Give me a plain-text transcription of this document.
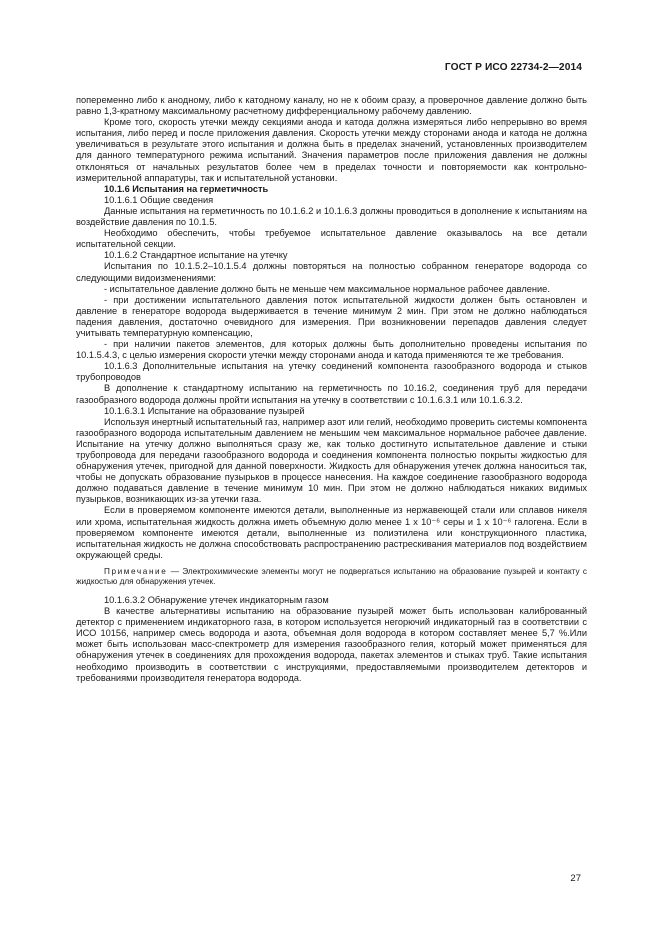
ГОСТ Р ИСО 22734-2—2014

попеременно либо к анодному, либо к катодному каналу, но не к обоим сразу, а проверочное давление должно быть равно 1,3-кратному максимальному расчетному дифференциальному рабочему давлению.

Кроме того, скорость утечки между секциями анода и катода должна измеряться либо непрерывно во время испытания, либо перед и после приложения давления. Скорость утечки между сторонами анода и катода не должна увеличиваться в результате этого испытания и должна быть в пределах значений, установленных производителем для данного температурного режима испытаний. Значения параметров после приложения давления не должны отклоняться от начальных результатов более чем в пределах точности и повторяемости как контрольно-измерительной аппаратуры, так и испытательной установки.

10.1.6 Испытания на герметичность

10.1.6.1 Общие сведения

Данные испытания на герметичность по 10.1.6.2 и 10.1.6.3 должны проводиться в дополнение к испытаниям на воздействие давления по 10.1.5.

Необходимо обеспечить, чтобы требуемое испытательное давление оказывалось на все детали испытательной секции.

10.1.6.2 Стандартное испытание на утечку

Испытания по 10.1.5.2–10.1.5.4 должны повторяться на полностью собранном генераторе водорода со следующими видоизменениями:

- испытательное давление должно быть не меньше чем максимальное нормальное рабочее давление.

- при достижении испытательного давления поток испытательной жидкости должен быть остановлен и давление в генераторе водорода выдерживается в течение минимум 2 мин. При этом не должно наблюдаться падения давления, достаточно очевидного для измерения. При возникновении перепадов давления следует учитывать температурную компенсацию,

- при наличии пакетов элементов, для которых должны быть дополнительно проведены испытания по 10.1.5.4.3, с целью измерения скорости утечки между сторонами анода и катода применяются те же требования.

10.1.6.3 Дополнительные испытания на утечку соединений компонента газообразного водорода и стыков трубопроводов

В дополнение к стандартному испытанию на герметичность по 10.16.2, соединения труб для передачи газообразного водорода должны пройти испытания на утечку в соответствии с 10.1.6.3.1 или 10.1.6.3.2.

10.1.6.3.1 Испытание на образование пузырей

Используя инертный испытательный газ, например азот или гелий, необходимо проверить системы компонента газообразного водорода испытательным давлением не меньшим чем максимальное нормальное рабочее давление. Испытание на утечку должно выполняться сразу же, как только достигнуто испытательное давление и стыки трубопровода для передачи газообразного водорода и соединения компонента полностью покрыты жидкостью для обнаружения утечек, пригодной для данной поверхности. Жидкость для обнаружения утечек должна наноситься так, чтобы не допускать образование пузырьков в процессе нанесения. На каждое соединение газообразного водорода должно подаваться давление в течение минимум 10 мин. При этом не должно наблюдаться никаких видимых пузырьков, возникающих из-за утечки газа.

Если в проверяемом компоненте имеются детали, выполненные из нержавеющей стали или сплавов никеля или хрома, испытательная жидкость должна иметь объемную долю менее 1 х 10⁻⁶ серы и 1 х 10⁻⁶ галогена. Если в проверяемом компоненте имеются детали, выполненные из полиэтилена или конструкционного пластика, испытательная жидкость не должна способствовать распространению растрескивания материалов под воздействием окружающей среды.

Примечание — Электрохимические элементы могут не подвергаться испытанию на образование пузырей и контакту с жидкостью для обнаружения утечек.

10.1.6.3.2 Обнаружение утечек индикаторным газом

В качестве альтернативы испытанию на образование пузырей может быть использован калиброванный детектор с применением индикаторного газа, в котором используется негорючий индикаторный газ в соответствии с ИСО 10156, например смесь водорода и азота, объемная доля водорода в котором составляет менее 5,7 %.Или может быть использован масс-спектрометр для измерения газообразного гелия, который может применяться для обнаружения утечек в соединениях для прохождения водорода, пакетах элементов и стыках труб. Такие испытания необходимо производить в соответствии с инструкциями, предоставляемыми производителем детекторов и требованиями производителя генератора водорода.

27
